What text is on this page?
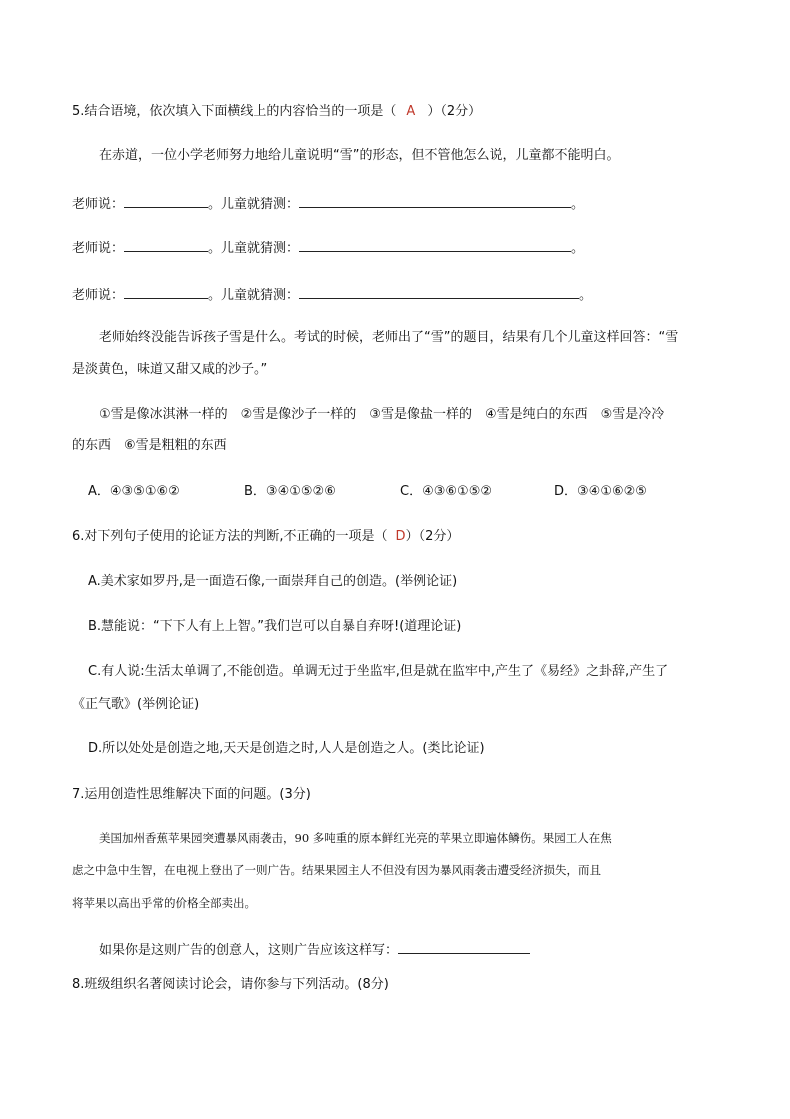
5.结合语境，依次填入下面横线上的内容恰当的一项是（ A ）（2分）
在赤道，一位小学老师努力地给儿童说明“雪”的形态，但不管他怎么说，儿童都不能明白。
老师说：	。儿童就猜测：	。
老师说：	。儿童就猜测：	。
老师说：	。儿童就猜测：	。
老师始终没能告诉孩子雪是什么。考试的时候，老师出了“雪”的题目，结果有几个儿童这样回答：“雪
是淡黄色，味道又甜又咸的沙子。”
①雪是像冰淇淋一样的　②雪是像沙子一样的　③雪是像盐一样的　④雪是纯白的东西　⑤雪是冷冷
的东西　⑥雪是粗粗的东西
A．④③⑤①⑥②	B．③④①⑤②⑥	C．④③⑥①⑤②	D．③④①⑥②⑤
6.对下列句子使用的论证方法的判断,不正确的一项是（ D）（2分）
A.美术家如罗丹,是一面造石像,一面崇拜自己的创造。(举例论证)
B.慧能说：“下下人有上上智。”我们岂可以自暴自弃呀!(道理论证)
C.有人说:生活太单调了,不能创造。单调无过于坐监牢,但是就在监牢中,产生了《易经》之卦辞,产生了
《正气歌》(举例论证)
D.所以处处是创造之地,天天是创造之时,人人是创造之人。(类比论证)
7.运用创造性思维解决下面的问题。(3分)
美国加州香蕉苹果园突遭暴风雨袭击，90 多吨重的原本鲜红光亮的苹果立即遍体鳞伤。果园工人在焦
虑之中急中生智，在电视上登出了一则广告。结果果园主人不但没有因为暴风雨袭击遭受经济损失，而且
将苹果以高出乎常的价格全部卖出。
如果你是这则广告的创意人，这则广告应该这样写：
8.班级组织名著阅读讨论会，请你参与下列活动。(8分)
